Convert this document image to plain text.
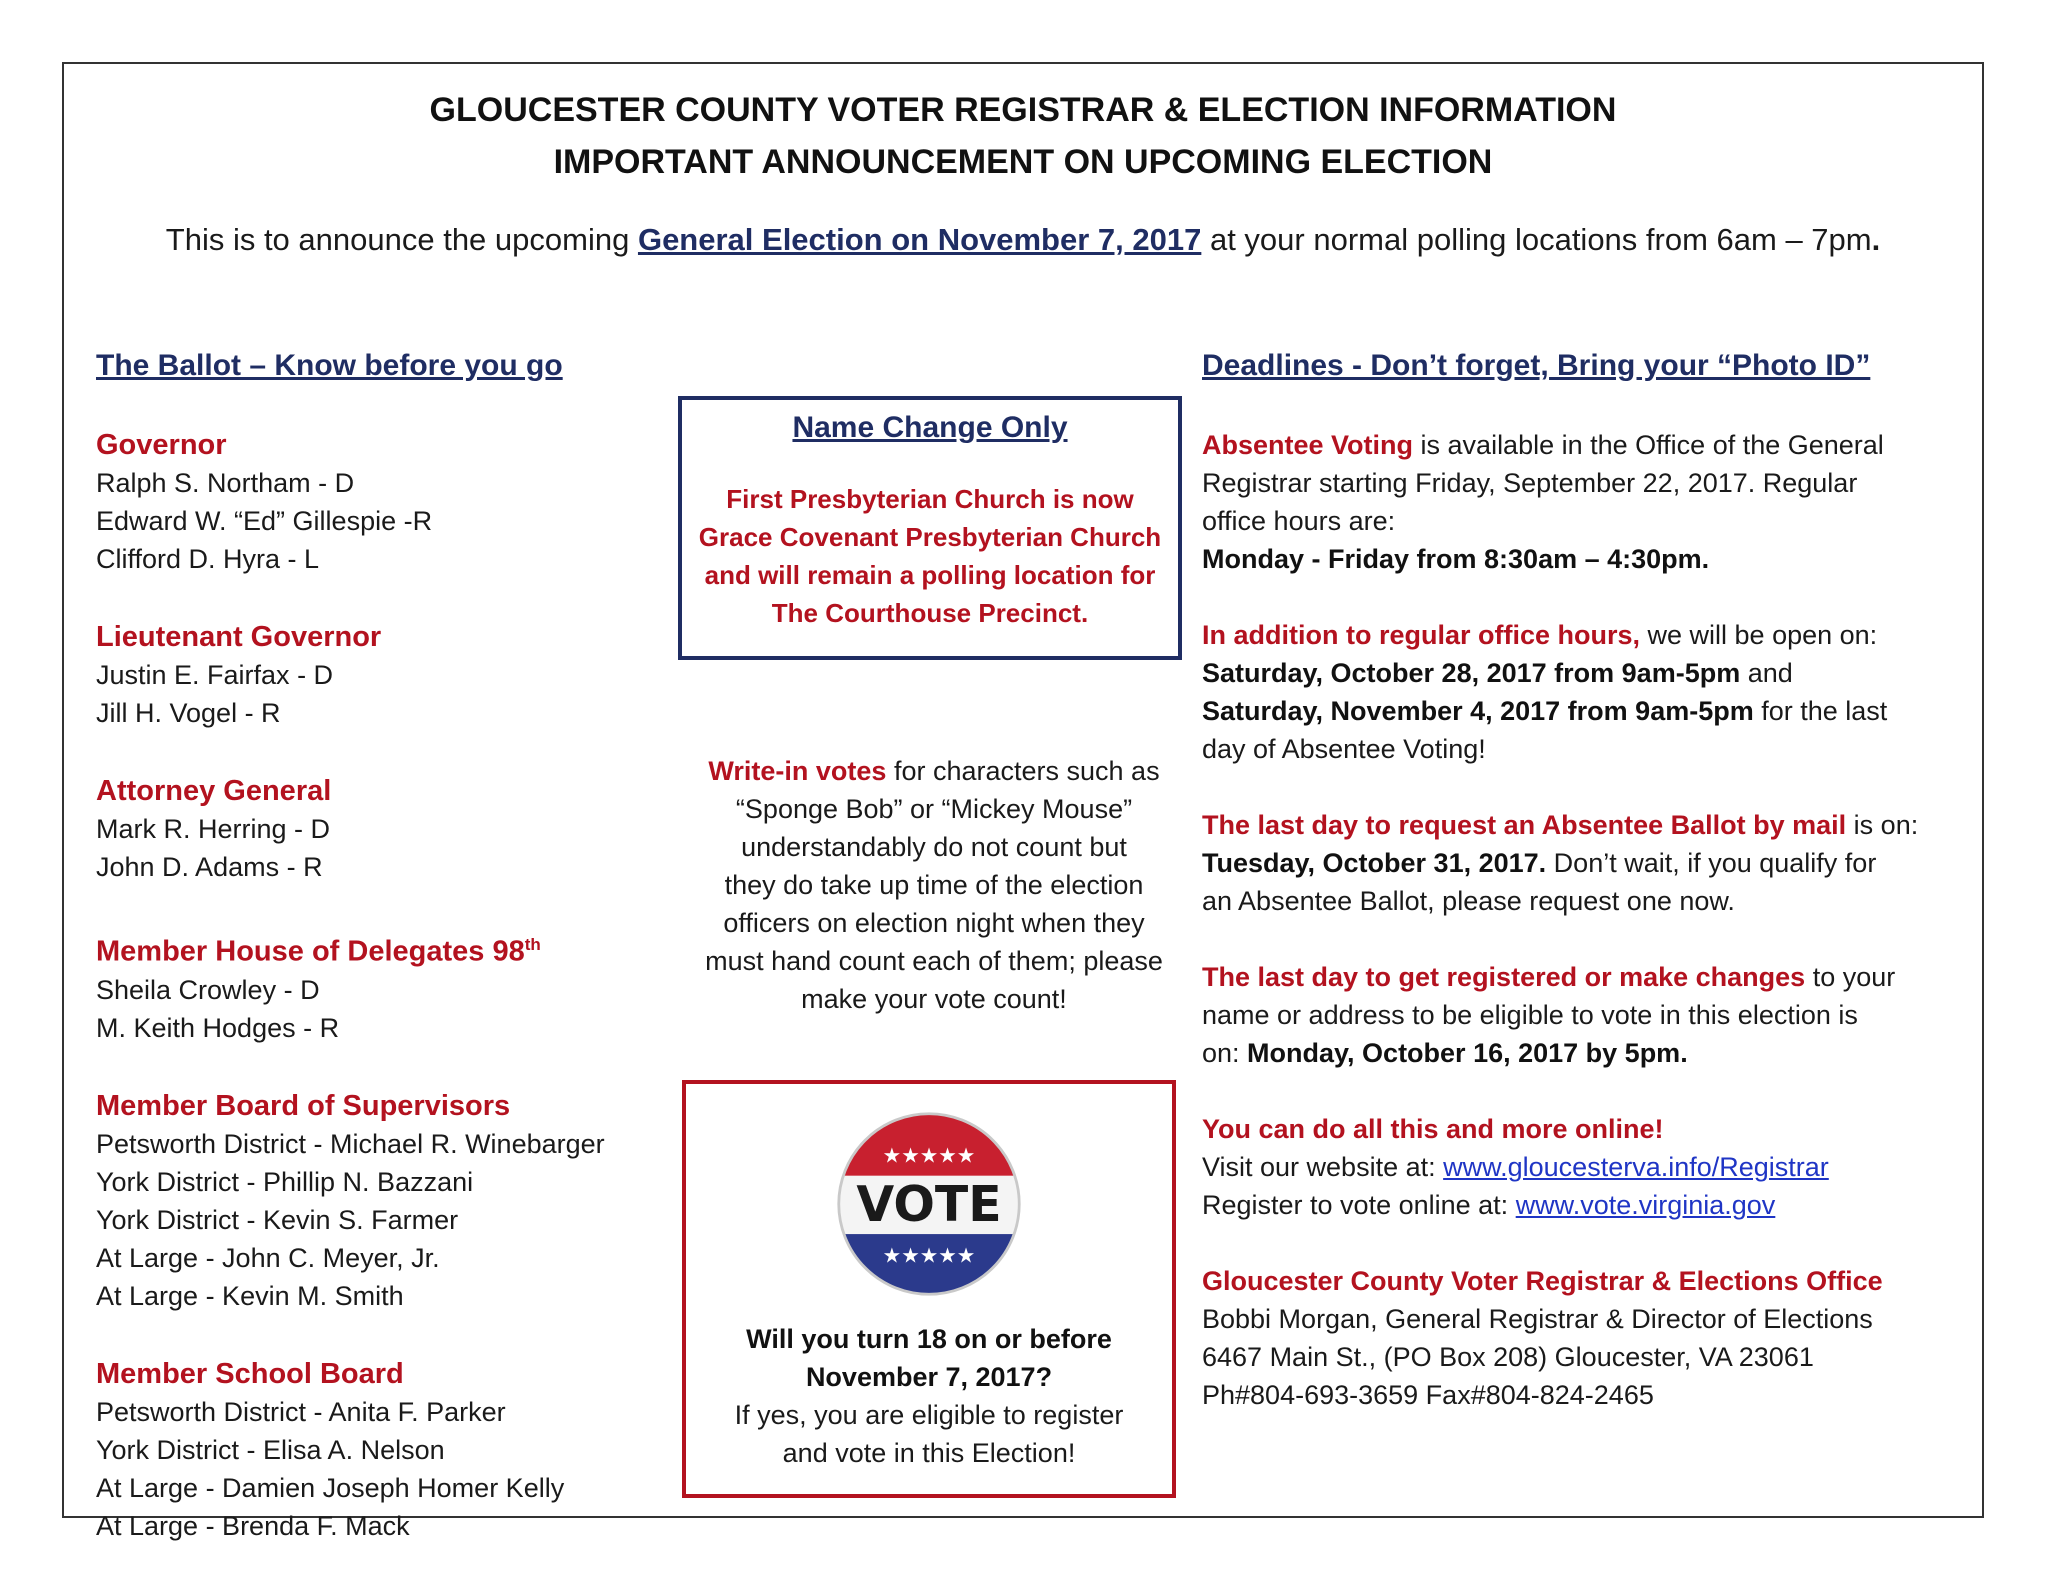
GLOUCESTER COUNTY VOTER REGISTRAR & ELECTION INFORMATION
IMPORTANT ANNOUNCEMENT ON UPCOMING ELECTION
This is to announce the upcoming General Election on November 7, 2017 at your normal polling locations from 6am – 7pm.
The Ballot – Know before you go
Governor
Ralph S. Northam - D
Edward W. “Ed” Gillespie -R
Clifford D. Hyra - L
Lieutenant Governor
Justin E. Fairfax - D
Jill H. Vogel - R
Attorney General
Mark R. Herring - D
John D. Adams - R
Member House of Delegates 98th
Sheila Crowley - D
M. Keith Hodges - R
Member Board of Supervisors
Petsworth District - Michael R. Winebarger
York District - Phillip N. Bazzani
York District - Kevin S. Farmer
At Large - John C. Meyer, Jr.
At Large - Kevin M. Smith
Member School Board
Petsworth District - Anita F. Parker
York District - Elisa A. Nelson
At Large - Damien Joseph Homer Kelly
At Large - Brenda F. Mack
Name Change Only
First Presbyterian Church is now
Grace Covenant Presbyterian Church
and will remain a polling location for
The Courthouse Precinct.
Write-in votes for characters such as
“Sponge Bob” or “Mickey Mouse”
understandably do not count but
they do take up time of the election
officers on election night when they
must hand count each of them; please
make your vote count!
★★★★★
★★★★★
VOTE
Will you turn 18 on or before
November 7, 2017?
If yes, you are eligible to register
and vote in this Election!
Deadlines - Don’t forget, Bring your “Photo ID”
Absentee Voting is available in the Office of the General
Registrar starting Friday, September 22, 2017. Regular
office hours are:
Monday - Friday from 8:30am – 4:30pm.
In addition to regular office hours, we will be open on:
Saturday, October 28, 2017 from 9am-5pm and
Saturday, November 4, 2017 from 9am-5pm for the last
day of Absentee Voting!
The last day to request an Absentee Ballot by mail is on:
Tuesday, October 31, 2017. Don’t wait, if you qualify for
an Absentee Ballot, please request one now.
The last day to get registered or make changes to your
name or address to be eligible to vote in this election is
on: Monday, October 16, 2017 by 5pm.
You can do all this and more online!
Visit our website at: www.gloucesterva.info/Registrar
Register to vote online at: www.vote.virginia.gov
Gloucester County Voter Registrar & Elections Office
Bobbi Morgan, General Registrar & Director of Elections
6467 Main St., (PO Box 208) Gloucester, VA 23061
Ph#804-693-3659 Fax#804-824-2465
